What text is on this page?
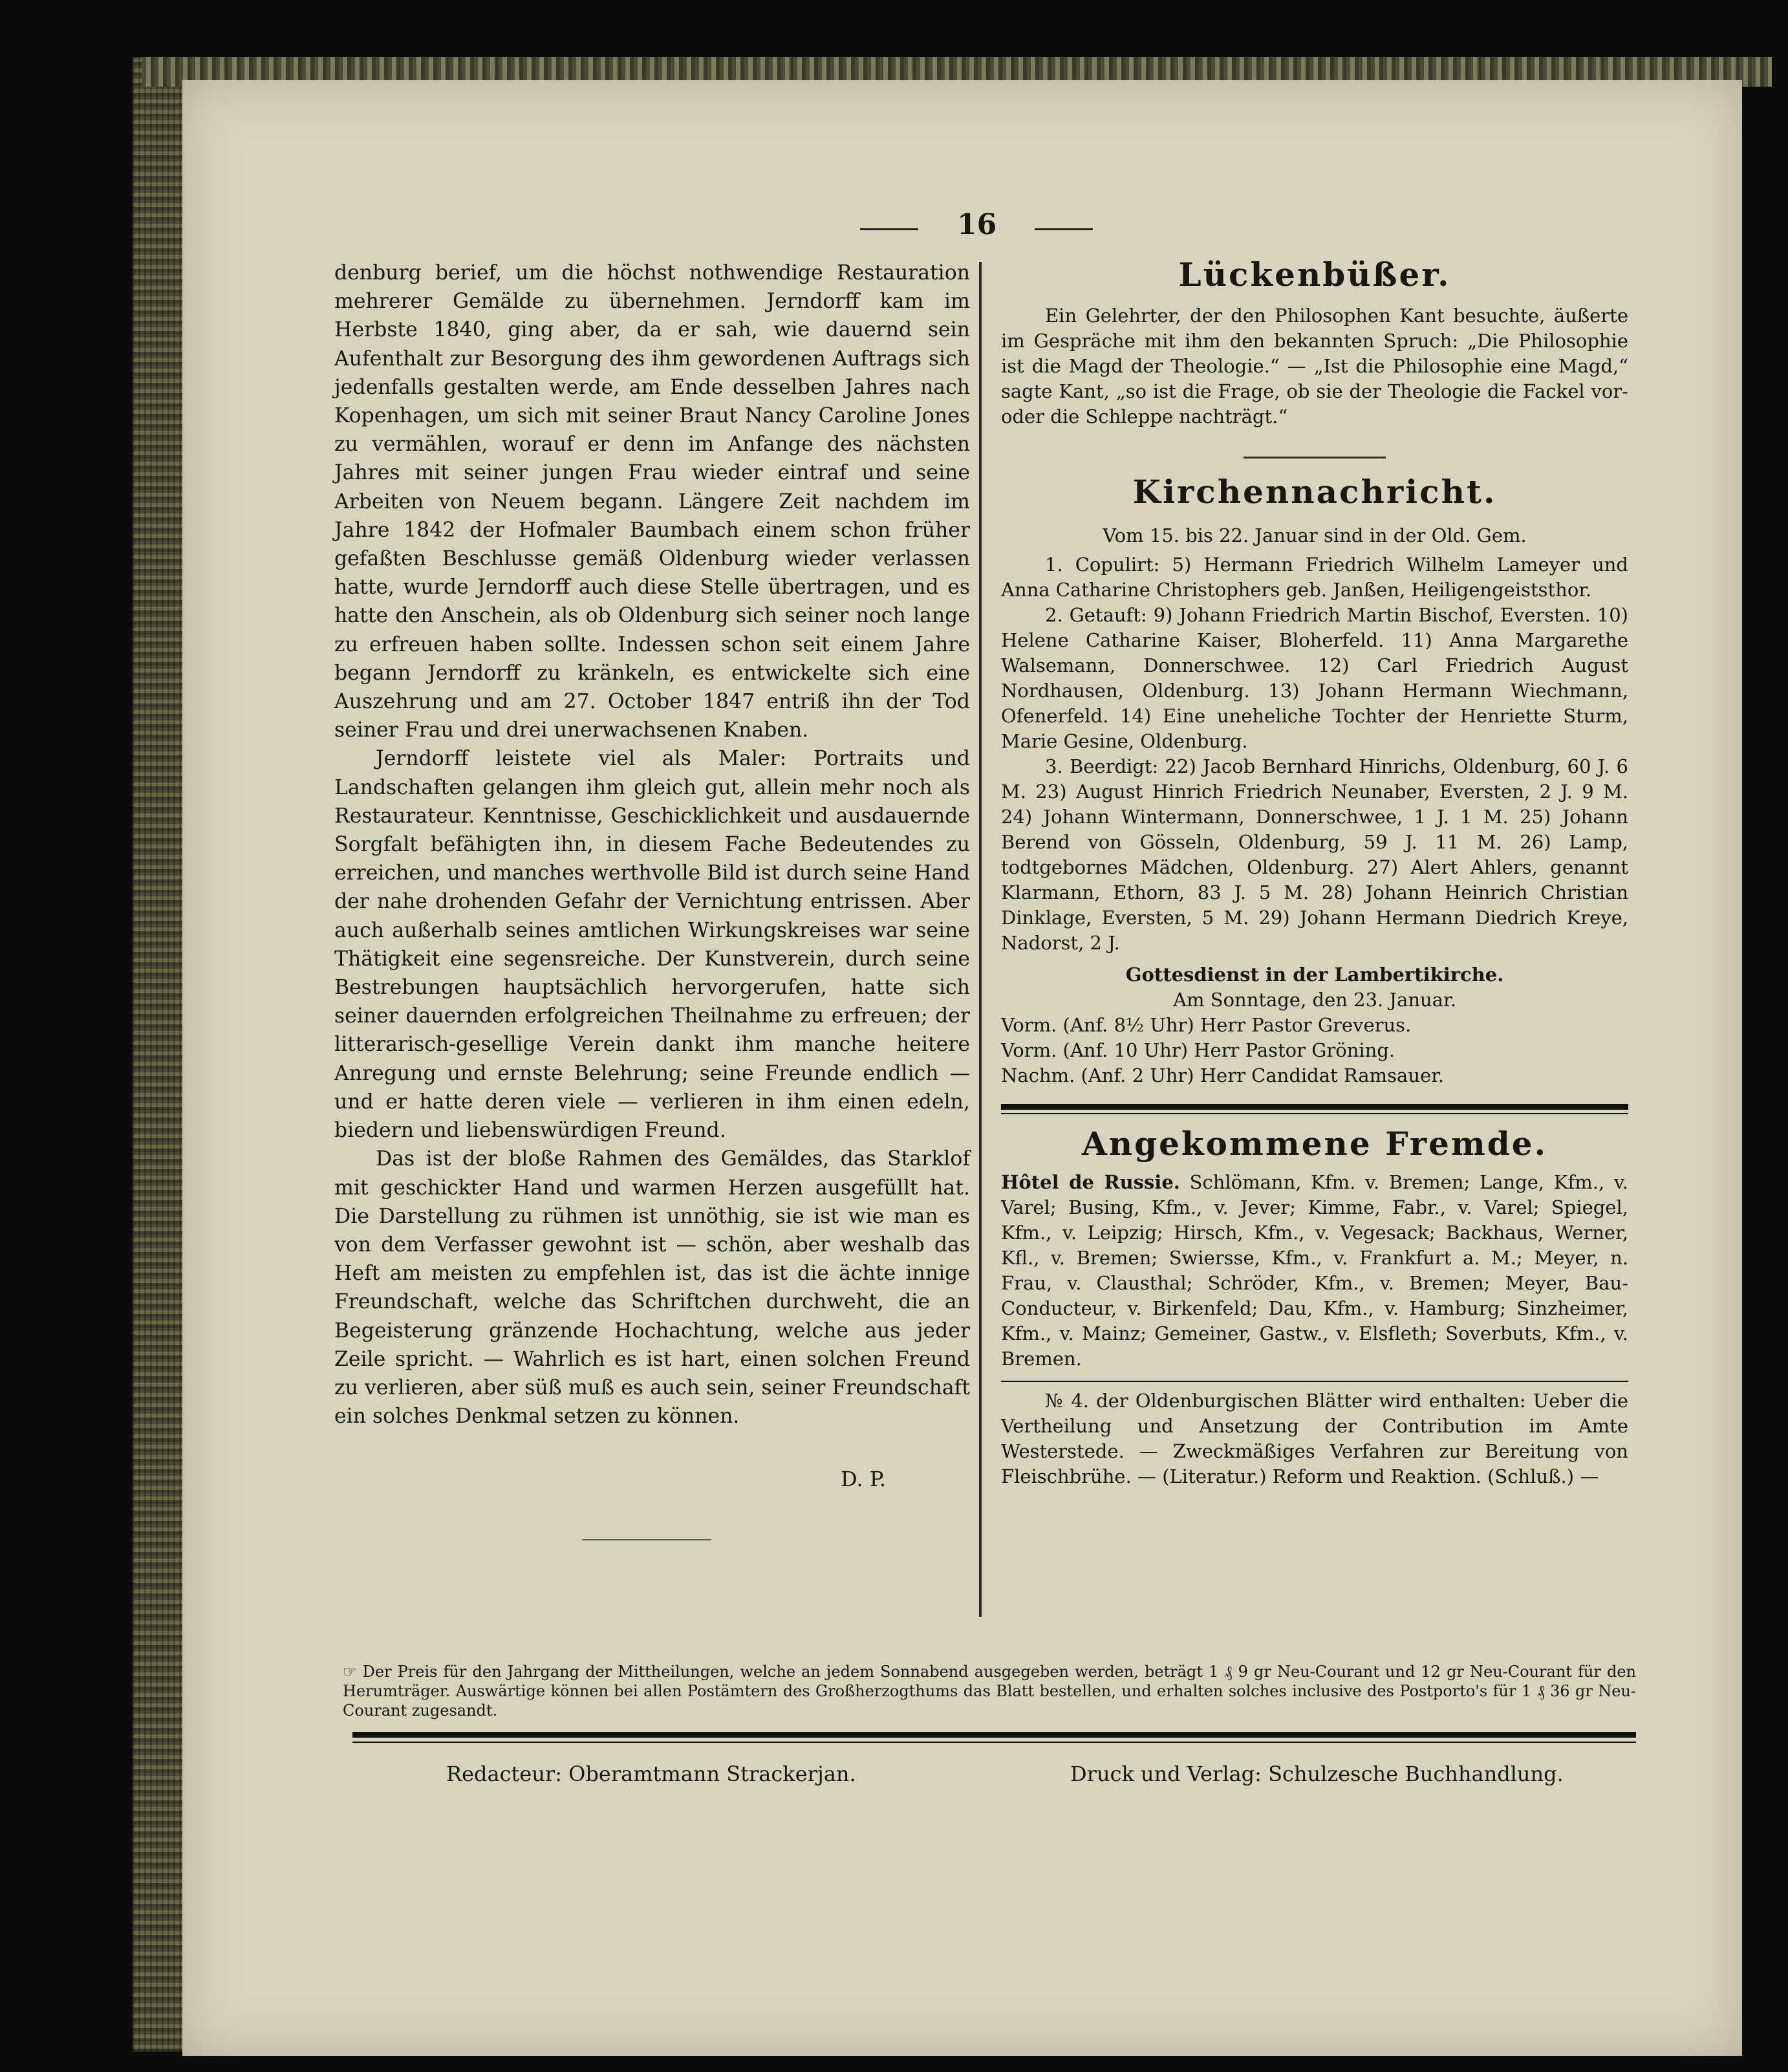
16

denburg berief, um die höchst nothwendige Restauration mehrerer Gemälde zu übernehmen. Jerndorff kam im Herbste 1840, ging aber, da er sah, wie dauernd sein Aufenthalt zur Besorgung des ihm gewordenen Auftrags sich jedenfalls gestalten werde, am Ende desselben Jahres nach Kopenhagen, um sich mit seiner Braut Nancy Caroline Jones zu vermählen, worauf er denn im Anfange des nächsten Jahres mit seiner jungen Frau wieder eintraf und seine Arbeiten von Neuem begann. Längere Zeit nachdem im Jahre 1842 der Hofmaler Baumbach einem schon früher gefaßten Beschlusse gemäß Oldenburg wieder verlassen hatte, wurde Jerndorff auch diese Stelle übertragen, und es hatte den Anschein, als ob Oldenburg sich seiner noch lange zu erfreuen haben sollte. Indessen schon seit einem Jahre begann Jerndorff zu kränkeln, es entwickelte sich eine Auszehrung und am 27. October 1847 entriß ihn der Tod seiner Frau und drei unerwachsenen Knaben.

Jerndorff leistete viel als Maler: Portraits und Landschaften gelangen ihm gleich gut, allein mehr noch als Restaurateur. Kenntnisse, Geschicklichkeit und ausdauernde Sorgfalt befähigten ihn, in diesem Fache Bedeutendes zu erreichen, und manches werthvolle Bild ist durch seine Hand der nahe drohenden Gefahr der Vernichtung entrissen. Aber auch außerhalb seines amtlichen Wirkungskreises war seine Thätigkeit eine segensreiche. Der Kunstverein, durch seine Bestrebungen hauptsächlich hervorgerufen, hatte sich seiner dauernden erfolgreichen Theilnahme zu erfreuen; der litterarisch-gesellige Verein dankt ihm manche heitere Anregung und ernste Belehrung; seine Freunde endlich — und er hatte deren viele — verlieren in ihm einen edeln, biedern und liebenswürdigen Freund.

Das ist der bloße Rahmen des Gemäldes, das Starklof mit geschickter Hand und warmen Herzen ausgefüllt hat. Die Darstellung zu rühmen ist unnöthig, sie ist wie man es von dem Verfasser gewohnt ist — schön, aber weshalb das Heft am meisten zu empfehlen ist, das ist die ächte innige Freundschaft, welche das Schriftchen durchweht, die an Begeisterung gränzende Hochachtung, welche aus jeder Zeile spricht. — Wahrlich es ist hart, einen solchen Freund zu verlieren, aber süß muß es auch sein, seiner Freundschaft ein solches Denkmal setzen zu können.

D. P.
Lückenbüßer.

Ein Gelehrter, der den Philosophen Kant besuchte, äußerte im Gespräche mit ihm den bekannten Spruch: „Die Philosophie ist die Magd der Theologie.“ — „Ist die Philosophie eine Magd,“ sagte Kant, „so ist die Frage, ob sie der Theologie die Fackel vor- oder die Schleppe nachträgt.“

Kirchennachricht.

Vom 15. bis 22. Januar sind in der Old. Gem.

1. Copulirt: 5) Hermann Friedrich Wilhelm Lameyer und Anna Catharine Christophers geb. Janßen, Heiligengeiststhor.

2. Getauft: 9) Johann Friedrich Martin Bischof, Eversten. 10) Helene Catharine Kaiser, Bloherfeld. 11) Anna Margarethe Walsemann, Donnerschwee. 12) Carl Friedrich August Nordhausen, Oldenburg. 13) Johann Hermann Wiechmann, Ofenerfeld. 14) Eine uneheliche Tochter der Henriette Sturm, Marie Gesine, Oldenburg.

3. Beerdigt: 22) Jacob Bernhard Hinrichs, Oldenburg, 60 J. 6 M. 23) August Hinrich Friedrich Neunaber, Eversten, 2 J. 9 M. 24) Johann Wintermann, Donnerschwee, 1 J. 1 M. 25) Johann Berend von Gösseln, Oldenburg, 59 J. 11 M. 26) Lamp, todtgebornes Mädchen, Oldenburg. 27) Alert Ahlers, genannt Klarmann, Ethorn, 83 J. 5 M. 28) Johann Heinrich Christian Dinklage, Eversten, 5 M. 29) Johann Hermann Diedrich Kreye, Nadorst, 2 J.

Gottesdienst in der Lambertikirche.

Am Sonntage, den 23. Januar.

Vorm. (Anf. 8½ Uhr) Herr Pastor Greverus.

Vorm. (Anf. 10 Uhr) Herr Pastor Gröning.

Nachm. (Anf. 2 Uhr) Herr Candidat Ramsauer.

Angekommene Fremde.

Hôtel de Russie. Schlömann, Kfm. v. Bremen; Lange, Kfm., v. Varel; Busing, Kfm., v. Jever; Kimme, Fabr., v. Varel; Spiegel, Kfm., v. Leipzig; Hirsch, Kfm., v. Vegesack; Backhaus, Werner, Kfl., v. Bremen; Swiersse, Kfm., v. Frankfurt a. M.; Meyer, n. Frau, v. Clausthal; Schröder, Kfm., v. Bremen; Meyer, Bau-Conducteur, v. Birkenfeld; Dau, Kfm., v. Hamburg; Sinzheimer, Kfm., v. Mainz; Gemeiner, Gastw., v. Elsfleth; Soverbuts, Kfm., v. Bremen.

№ 4. der Oldenburgischen Blätter wird enthalten: Ueber die Vertheilung und Ansetzung der Contribution im Amte Westerstede. — Zweckmäßiges Verfahren zur Bereitung von Fleischbrühe. — (Literatur.) Reform und Reaktion. (Schluß.) —

☞ Der Preis für den Jahrgang der Mittheilungen, welche an jedem Sonnabend ausgegeben werden, beträgt 1 ₰ 9 gr Neu-Courant und 12 gr Neu-Courant für den Herumträger. Auswärtige können bei allen Postämtern des Großherzogthums das Blatt bestellen, und erhalten solches inclusive des Postporto's für 1 ₰ 36 gr Neu-Courant zugesandt.
Redacteur: Oberamtmann Strackerjan.	Druck und Verlag: Schulzesche Buchhandlung.
